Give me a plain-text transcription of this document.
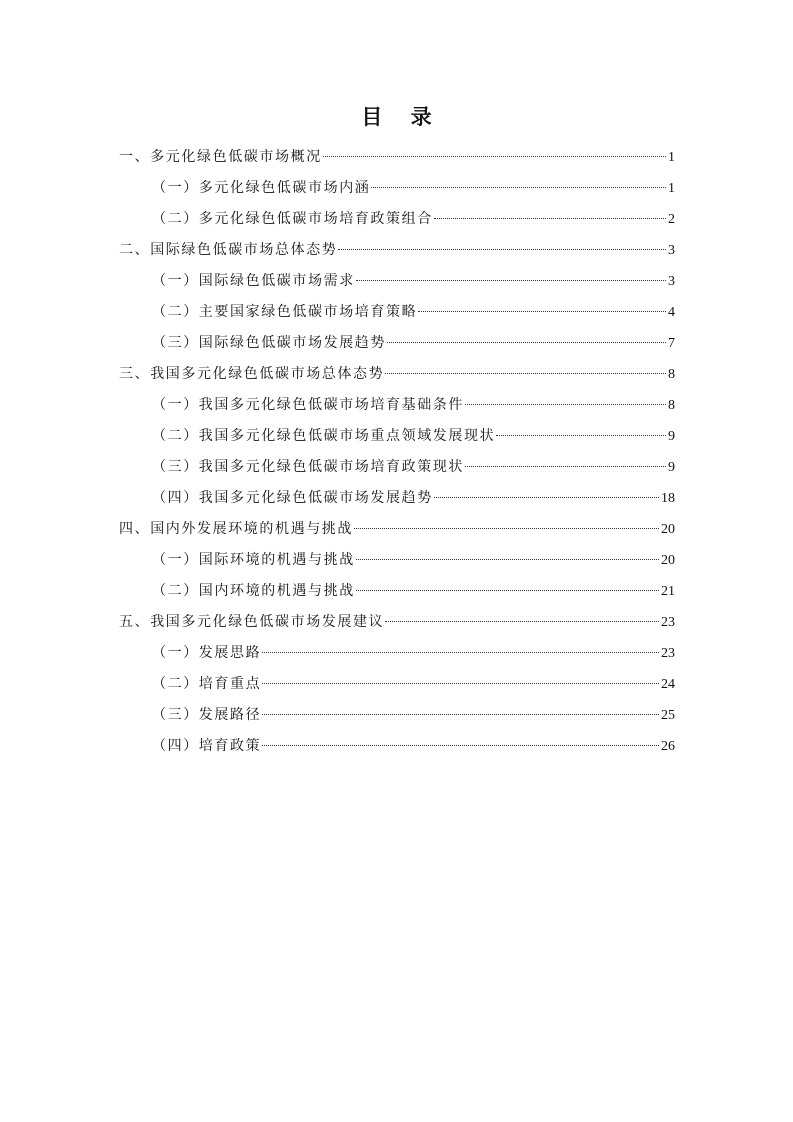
目 录
一、多元化绿色低碳市场概况	1
（一）多元化绿色低碳市场内涵	1
（二）多元化绿色低碳市场培育政策组合	2
二、国际绿色低碳市场总体态势	3
（一）国际绿色低碳市场需求	3
（二）主要国家绿色低碳市场培育策略	4
（三）国际绿色低碳市场发展趋势	7
三、我国多元化绿色低碳市场总体态势	8
（一）我国多元化绿色低碳市场培育基础条件	8
（二）我国多元化绿色低碳市场重点领域发展现状	9
（三）我国多元化绿色低碳市场培育政策现状	9
（四）我国多元化绿色低碳市场发展趋势	18
四、国内外发展环境的机遇与挑战	20
（一）国际环境的机遇与挑战	20
（二）国内环境的机遇与挑战	21
五、我国多元化绿色低碳市场发展建议	23
（一）发展思路	23
（二）培育重点	24
（三）发展路径	25
（四）培育政策	26
